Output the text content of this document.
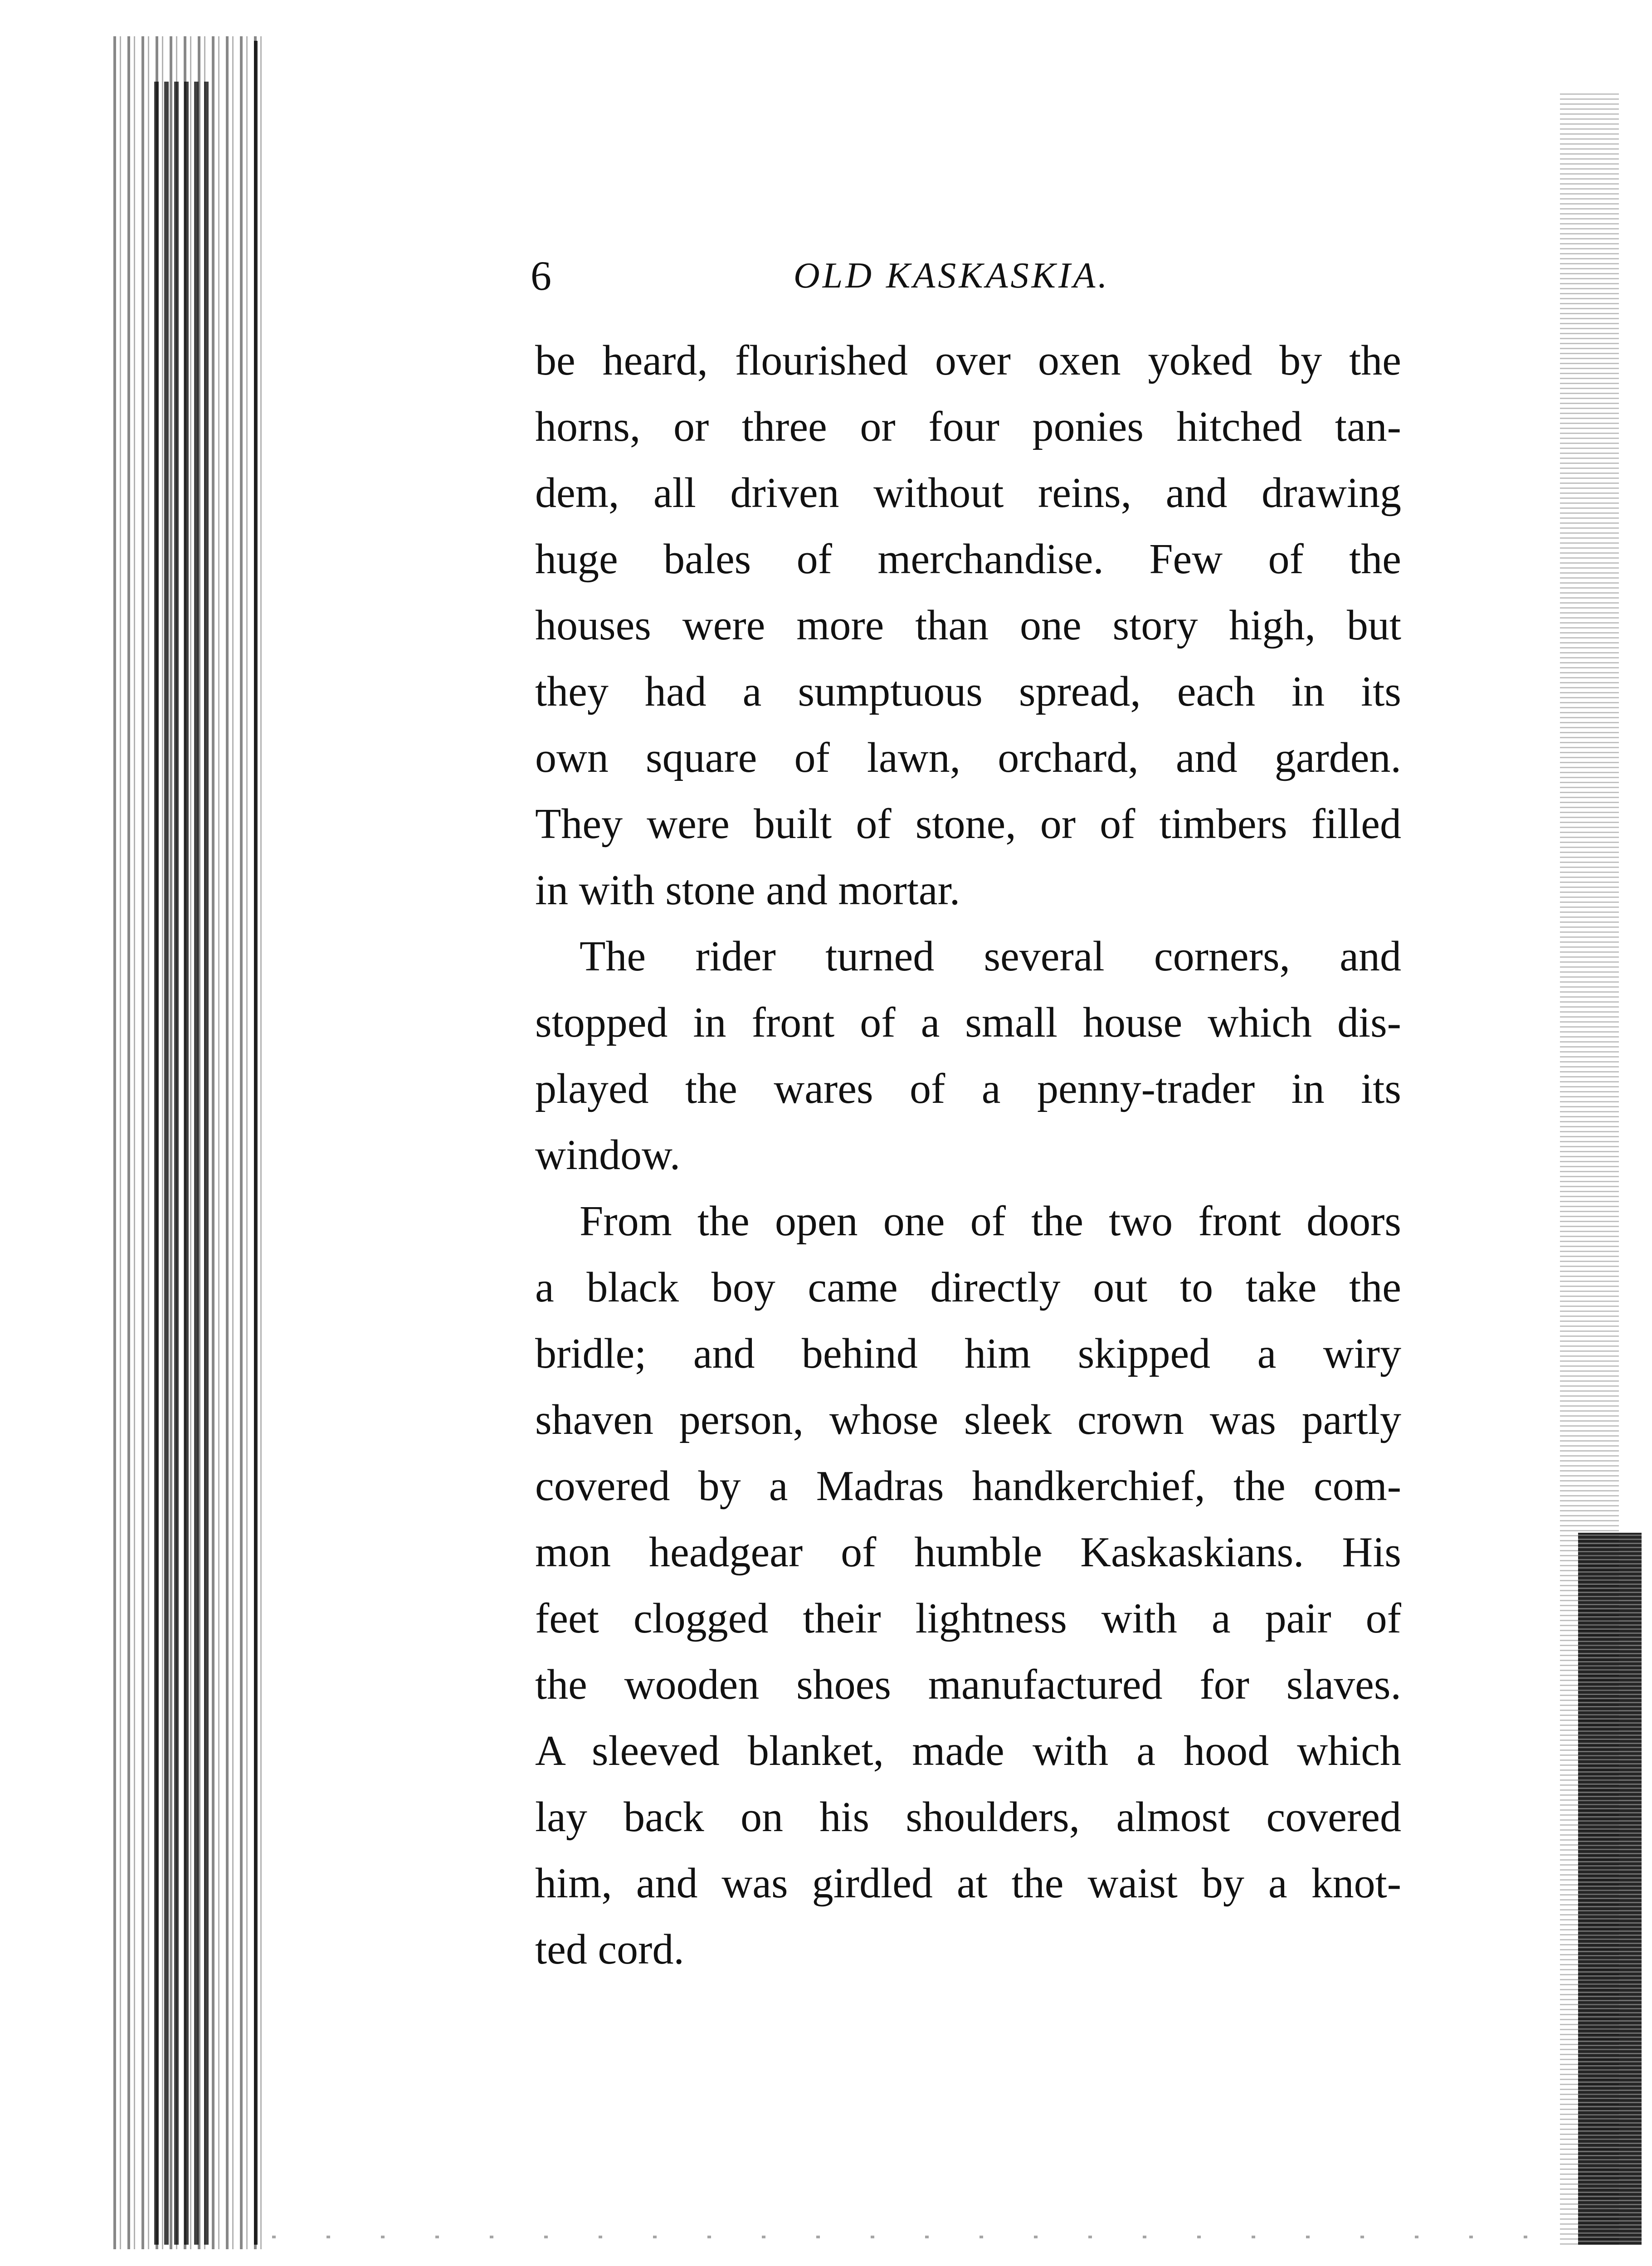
6	OLD KASKASKIA.
be heard, flourished over oxen yoked by the
horns, or three or four ponies hitched tan-
dem, all driven without reins, and drawing
huge bales of merchandise. Few of the
houses were more than one story high, but
they had a sumptuous spread, each in its
own square of lawn, orchard, and garden.
They were built of stone, or of timbers filled
in with stone and mortar.
The rider turned several corners, and
stopped in front of a small house which dis-
played the wares of a penny-trader in its
window.
From the open one of the two front doors
a black boy came directly out to take the
bridle; and behind him skipped a wiry
shaven person, whose sleek crown was partly
covered by a Madras handkerchief, the com-
mon headgear of humble Kaskaskians. His
feet clogged their lightness with a pair of
the wooden shoes manufactured for slaves.
A sleeved blanket, made with a hood which
lay back on his shoulders, almost covered
him, and was girdled at the waist by a knot-
ted cord.
